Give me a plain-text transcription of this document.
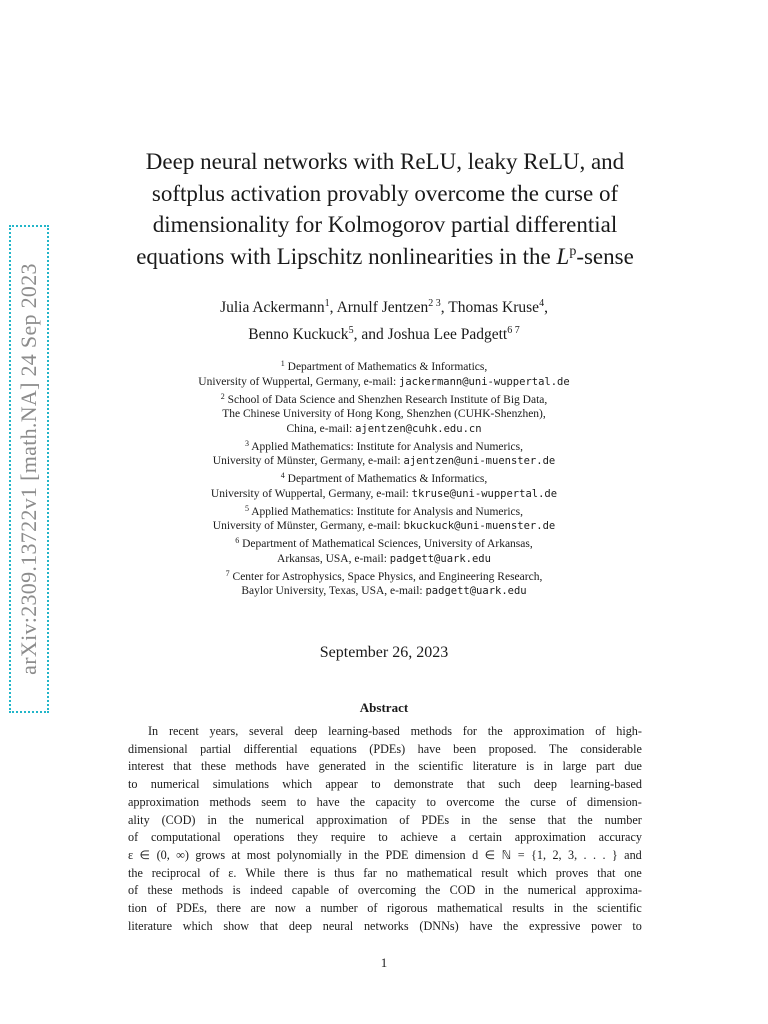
arXiv:2309.13722v1 [math.NA] 24 Sep 2023
Deep neural networks with ReLU, leaky ReLU, and
softplus activation provably overcome the curse of
dimensionality for Kolmogorov partial differential
equations with Lipschitz nonlinearities in the $L^p$-sense
Julia Ackermann$^1$, Arnulf Jentzen$^{2 3}$, Thomas Kruse$^4$,
Benno Kuckuck$^5$, and Joshua Lee Padgett$^{6 7}$
$^1$ Department of Mathematics & Informatics,
University of Wuppertal, Germany, e-mail: jackermann@uni-wuppertal.de
$^2$ School of Data Science and Shenzhen Research Institute of Big Data,
The Chinese University of Hong Kong, Shenzhen (CUHK-Shenzhen),
China, e-mail: ajentzen@cuhk.edu.cn
$^3$ Applied Mathematics: Institute for Analysis and Numerics,
University of Münster, Germany, e-mail: ajentzen@uni-muenster.de
$^4$ Department of Mathematics & Informatics,
University of Wuppertal, Germany, e-mail: tkruse@uni-wuppertal.de
$^5$ Applied Mathematics: Institute for Analysis and Numerics,
University of Münster, Germany, e-mail: bkuckuck@uni-muenster.de
$^6$ Department of Mathematical Sciences, University of Arkansas,
Arkansas, USA, e-mail: padgett@uark.edu
$^7$ Center for Astrophysics, Space Physics, and Engineering Research,
Baylor University, Texas, USA, e-mail: padgett@uark.edu
September 26, 2023
Abstract
In recent years, several deep learning-based methods for the approximation of high-
dimensional partial differential equations (PDEs) have been proposed. The considerable
interest that these methods have generated in the scientific literature is in large part due
to numerical simulations which appear to demonstrate that such deep learning-based
approximation methods seem to have the capacity to overcome the curse of dimension-
ality (COD) in the numerical approximation of PDEs in the sense that the number
of computational operations they require to achieve a certain approximation accuracy
ε ∈ (0, ∞) grows at most polynomially in the PDE dimension d ∈ ℕ = {1, 2, 3, . . . } and
the reciprocal of ε. While there is thus far no mathematical result which proves that one
of these methods is indeed capable of overcoming the COD in the numerical approxima-
tion of PDEs, there are now a number of rigorous mathematical results in the scientific
literature which show that deep neural networks (DNNs) have the expressive power to
1
